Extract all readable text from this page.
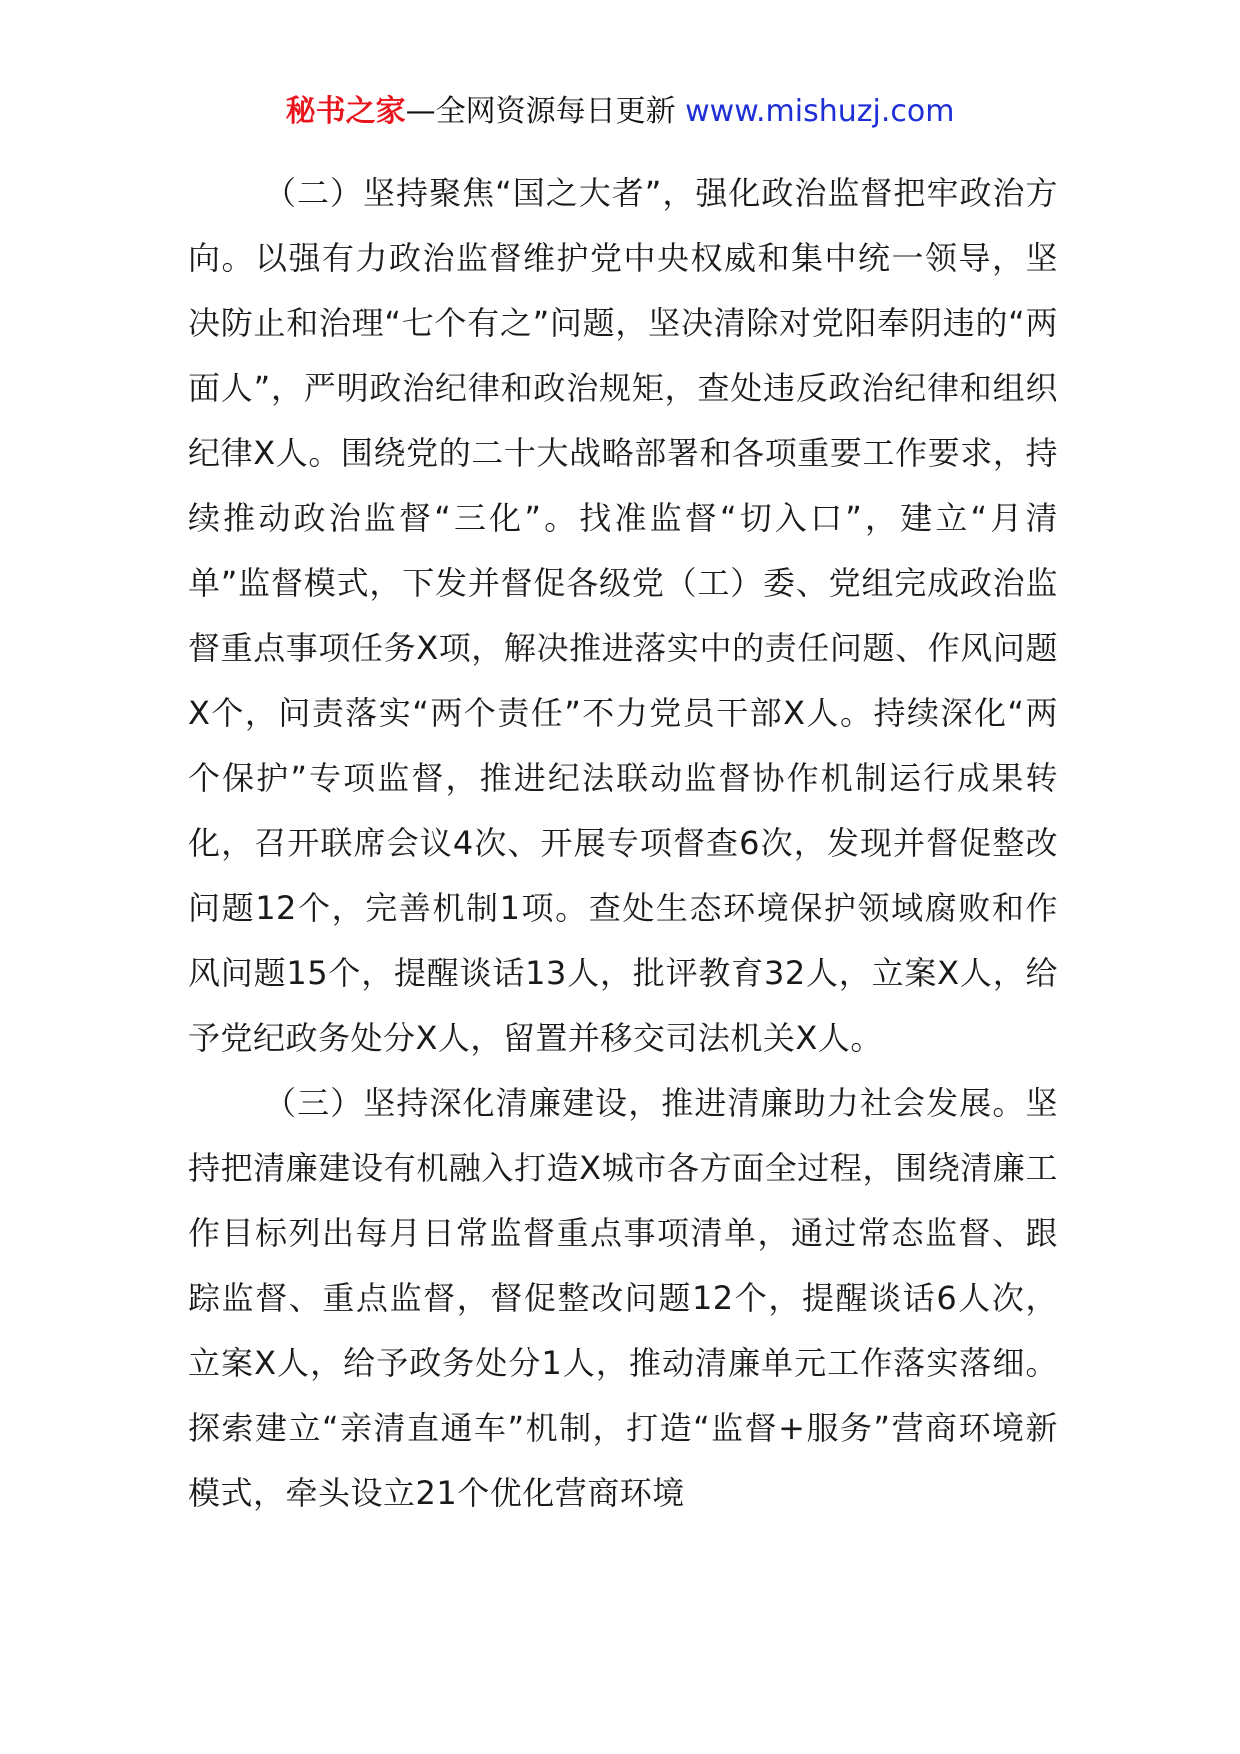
秘书之家—全网资源每日更新 www.mishuzj.com

（二）坚持聚焦“国之大者”，强化政治监督把牢政治方向。以强有力政治监督维护党中央权威和集中统一领导，坚决防止和治理“七个有之”问题，坚决清除对党阳奉阴违的“两面人”，严明政治纪律和政治规矩，查处违反政治纪律和组织纪律X人。围绕党的二十大战略部署和各项重要工作要求，持续推动政治监督“三化”。找准监督“切入口”，建立“月清单”监督模式，下发并督促各级党（工）委、党组完成政治监督重点事项任务X项，解决推进落实中的责任问题、作风问题X个，问责落实“两个责任”不力党员干部X人。持续深化“两个保护”专项监督，推进纪法联动监督协作机制运行成果转化，召开联席会议4次、开展专项督查6次，发现并督促整改问题12个，完善机制1项。查处生态环境保护领域腐败和作风问题15个，提醒谈话13人，批评教育32人，立案X人，给予党纪政务处分X人，留置并移交司法机关X人。

（三）坚持深化清廉建设，推进清廉助力社会发展。坚持把清廉建设有机融入打造X城市各方面全过程，围绕清廉工作目标列出每月日常监督重点事项清单，通过常态监督、跟踪监督、重点监督，督促整改问题12个，提醒谈话6人次，立案X人，给予政务处分1人，推动清廉单元工作落实落细。探索建立“亲清直通车”机制，打造“监督+服务”营商环境新模式，牵头设立21个优化营商环境
